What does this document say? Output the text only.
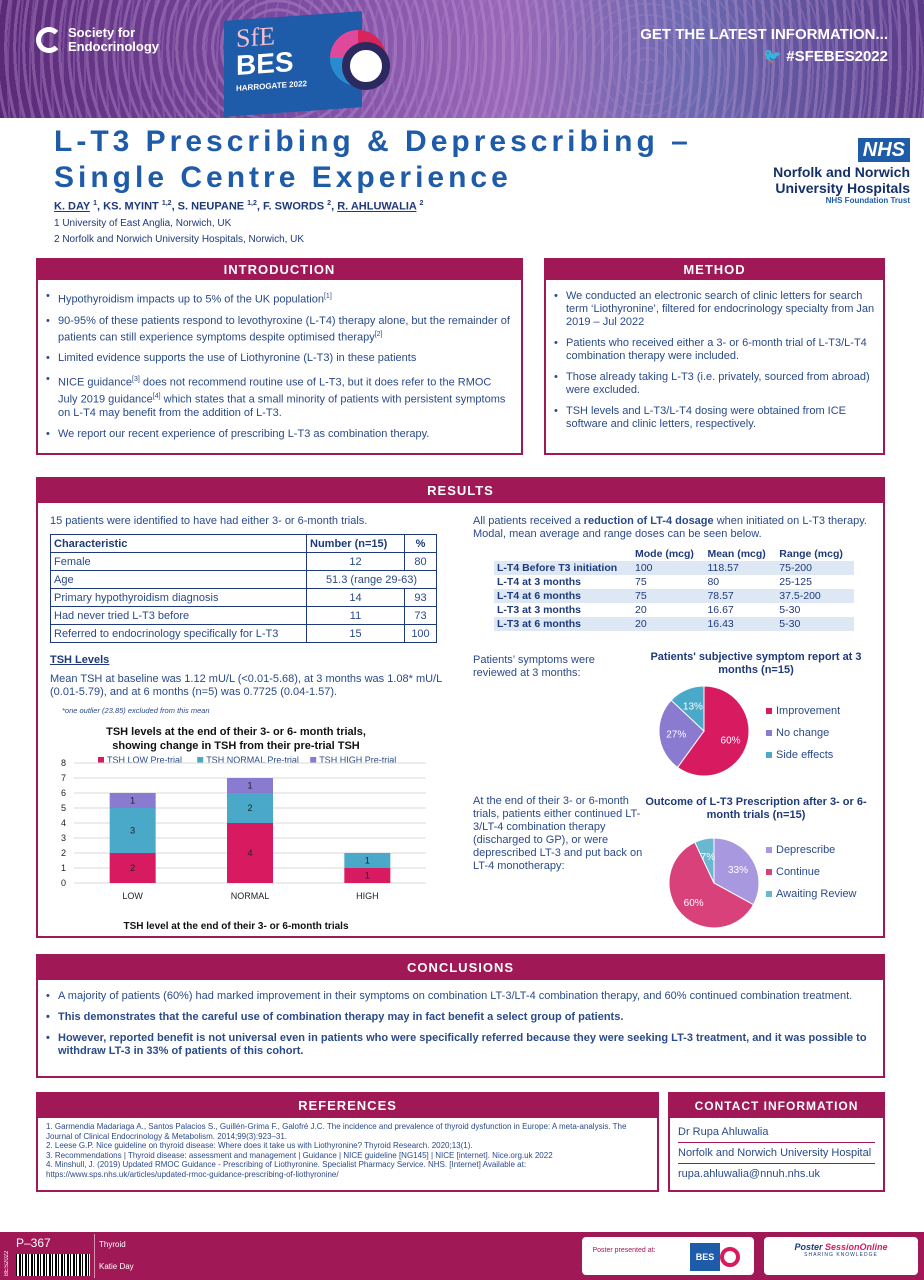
Society for Endocrinology	SfE
BES
HARROGATE 2022
GET THE LATEST INFORMATION...
🐦 #SFEBES2022
L-T3 Prescribing & Deprescribing –
Single Centre Experience
NHS
Norfolk and Norwich
University Hospitals
NHS Foundation Trust
K. DAY $^1$, KS. MYINT $^{1,2}$, S. NEUPANE $^{1,2}$, F. SWORDS $^2$, R. AHLUWALIA $^2$
1 University of East Anglia, Norwich, UK
2 Norfolk and Norwich University Hospitals, Norwich, UK
INTRODUCTION
• Hypothyroidism impacts up to 5% of the UK population[1]
• 90-95% of these patients respond to levothyroxine (L-T4) therapy alone, but the remainder of patients can still experience symptoms despite optimised therapy[2]
• Limited evidence supports the use of Liothyronine (L-T3) in these patients
• NICE guidance[3] does not recommend routine use of L-T3, but it does refer to the RMOC July 2019 guidance[4] which states that a small minority of patients with persistent symptoms on L-T4 may benefit from the addition of L-T3.
• We report our recent experience of prescribing L-T3 as combination therapy.
METHOD
• We conducted an electronic search of clinic letters for search term ‘Liothyronine’, filtered for endocrinology specialty from Jan 2019 – Jul 2022
• Patients who received either a 3- or 6-month trial of L-T3/L-T4 combination therapy were included.
• Those already taking L-T3 (i.e. privately, sourced from abroad) were excluded.
• TSH levels and L-T3/L-T4 dosing were obtained from ICE software and clinic letters, respectively.
RESULTS
15 patients were identified to have had either 3- or 6-month trials.
Characteristic	Number (n=15)	%
Female	12	80
Age	51.3 (range 29-63)	
Primary hypothyroidism diagnosis	14	93
Had never tried L-T3 before	11	73
Referred to endocrinology specifically for L-T3	15	100
TSH Levels
Mean TSH at baseline was 1.12 mU/L (<0.01-5.68), at 3 months was 1.08* mU/L (0.01-5.79), and at 6 months (n=5) was 0.7725 (0.04-1.57).
*one outlier (23.85) excluded from this mean
TSH levels at the end of their 3- or 6- month trials,
showing change in TSH from their pre-trial TSH
TSH LOW Pre-trial	TSH NORMAL Pre-trial TSH HIGH Pre-trial
0
1
2
3
4
5
6
7
8
2
3
1
4
2
1
1
1
LOW	NORMAL	HIGH
TSH level at the end of their 3- or 6-month trials
All patients received a reduction of LT-4 dosage when initiated on L-T3 therapy. Modal, mean average and range doses can be seen below.
	Mode (mcg)	Mean (mcg)	Range (mcg)
L-T4 Before T3 initiation	100	118.57	75-200
L-T4 at 3 months	75	80	25-125
L-T4 at 6 months	75	78.57	37.5-200
L-T3 at 3 months	20	16.67	5-30
L-T3 at 6 months	20	16.43	5-30
Patients’ symptoms were reviewed at 3 months:
At the end of their 3- or 6-month trials, patients either continued LT-3/LT-4 combination therapy (discharged to GP), or were deprescribed LT-3 and put back on LT-4 monotherapy:
Patients' subjective symptom report at 3 months (n=15)
60%
27%
13%	Improvement
No change
Side effects
Outcome of L-T3 Prescription after 3- or 6-month trials (n=15)
33%
60%
7%
Deprescribe
Continue
Awaiting Review
CONCLUSIONS
• A majority of patients (60%) had marked improvement in their symptoms on combination LT-3/LT-4 combination therapy, and 60% continued combination treatment.
• This demonstrates that the careful use of combination therapy may in fact benefit a select group of patients.
• However, reported benefit is not universal even in patients who were specifically referred because they were seeking LT-3 treatment, and it was possible to withdraw LT-3 in 33% of patients of this cohort.
REFERENCES
1. Garmendia Madariaga A., Santos Palacios S., Guillén-Grima F., Galofré J.C. The incidence and prevalence of thyroid dysfunction in Europe: A meta-analysis. The Journal of Clinical Endocrinology & Metabolism. 2014;99(3):923–31.
2. Leese G.P. Nice guideline on thyroid disease: Where does it take us with Liothyronine? Thyroid Research. 2020;13(1).
3. Recommendations | Thyroid disease: assessment and management | Guidance | NICE guideline [NG145] | NICE [internet]. Nice.org.uk 2022
4. Minshull, J. (2019) Updated RMOC Guidance - Prescribing of Liothyronine. Specialist Pharmacy Service. NHS. [Internet] Available at: https://www.sps.nhs.uk/articles/updated-rmoc-guidance-prescribing-of-liothyronine/
CONTACT INFORMATION
Dr Rupa Ahluwalia
Norfolk and Norwich University Hospital
rupa.ahluwalia@nnuh.nhs.uk
BES2022
P–367	Thyroid
Katie Day
Poster presented at:
BES
Poster SessionOnline
SHARING KNOWLEDGE
